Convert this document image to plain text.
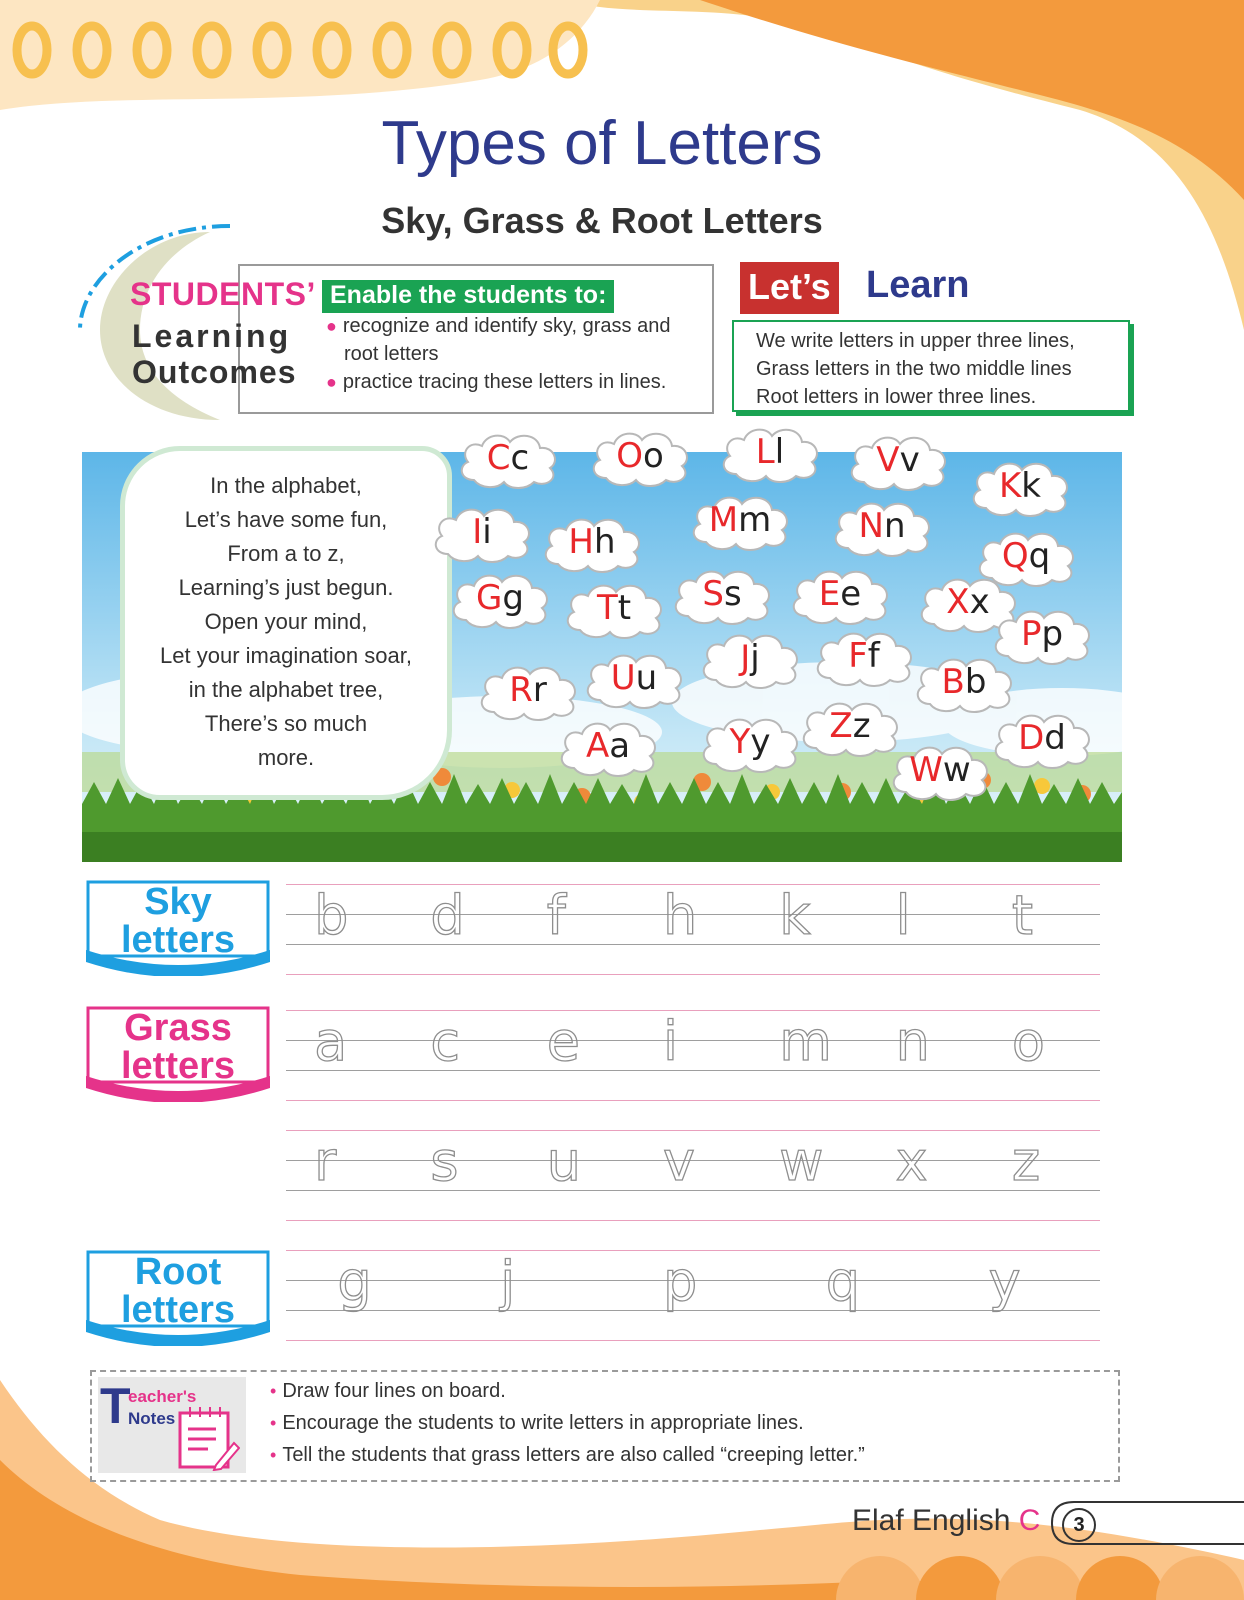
Types of Letters
Sky, Grass & Root Letters
STUDENTS’
Learning
Outcomes
Enable the students to:
● recognize and identify sky, grass and
root letters
● practice tracing these letters in lines.
Let’s Learn
We write letters in upper three lines,
Grass letters in the two middle lines
Root letters in lower three lines.
In the alphabet,
Let’s have some fun,
From a to z,
Learning’s just begun.
Open your mind,
Let your imagination soar,
in the alphabet tree,
There’s so much
more.
Cc	Oo	Ll	Vv
Kk
Ii	Hh
Mm	Nn
Qq
Gg	Tt	Ss	Ee	Xx
Pp
Jj	Ff
Bb
Rr	Uu
Aa	Yy	Zz	Dd
Ww
Sky
letters
Grass
letters
Root
letters
b d f h k l t
a c e i m n o
r s u v w x z
g j	p q y
T
eacher's
Notes
• Draw four lines on board.
• Encourage the students to write letters in appropriate lines.
• Tell the students that grass letters are also called “creeping letter.”
Elaf English C	3
